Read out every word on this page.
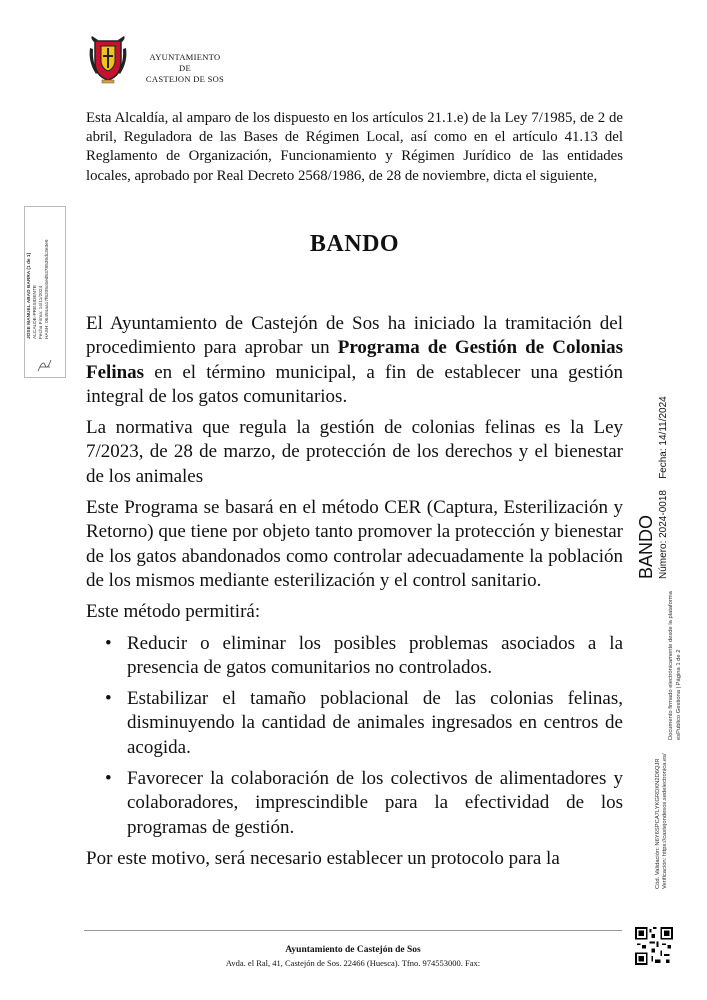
AYUNTAMIENTO
DE
CASTEJON DE SOS
Esta Alcaldía, al amparo de los dispuesto en los artículos 21.1.e) de la Ley 7/1985, de 2 de abril, Reguladora de las Bases de Régimen Local, así como en el artículo 41.13 del Reglamento de Organización, Funcionamiento y Régimen Jurídico de las entidades locales, aprobado por Real Decreto 2568/1986, de 28 de noviembre, dicta el siguiente,
BANDO

El Ayuntamiento de Castejón de Sos ha iniciado la tramitación del procedimiento para aprobar un Programa de Gestión de Colonias Felinas en el término municipal, a fin de establecer una gestión integral de los gatos comunitarios.

La normativa que regula la gestión de colonias felinas es la Ley 7/2023, de 28 de marzo, de protección de los derechos y el bienestar de los animales

Este Programa se basará en el método CER (Captura, Esterilización y Retorno) que tiene por objeto tanto promover la protección y bienestar de los gatos abandonados como controlar adecuadamente la población de los mismos mediante esterilización y el control sanitario.

Este método permitirá:

• Reducir o eliminar los posibles problemas asociados a la presencia de gatos comunitarios no controlados.
• Estabilizar el tamaño poblacional de las colonias felinas, disminuyendo la cantidad de animales ingresados en centros de acogida.
• Favorecer la colaboración de los colectivos de alimentadores y colaboradores, imprescindible para la efectividad de los programas de gestión.

Por este motivo, será necesario establecer un protocolo para la

JOSE MANUEL ABAD BARRA (1 de 1) ALCALDE-PRESIDENTE Fecha Firma: 14/11/2024 HASH: 06494aa17f6205c6ed5378539dc3e3e9
BANDO Número: 2024-0018    Fecha: 14/11/2024
Documento firmado electrónicamente desde la plataforma esPublico Gestiona | Página 1 de 2
Cód. Validación: N6Y6SPCA7LYKGRDKN2D6QJR Verificación: https://castejondesos.sedelectronica.es/
Ayuntamiento de Castejón de Sos
Avda. el Ral, 41, Castejón de Sos. 22466 (Huesca). Tfno. 974553000. Fax:
